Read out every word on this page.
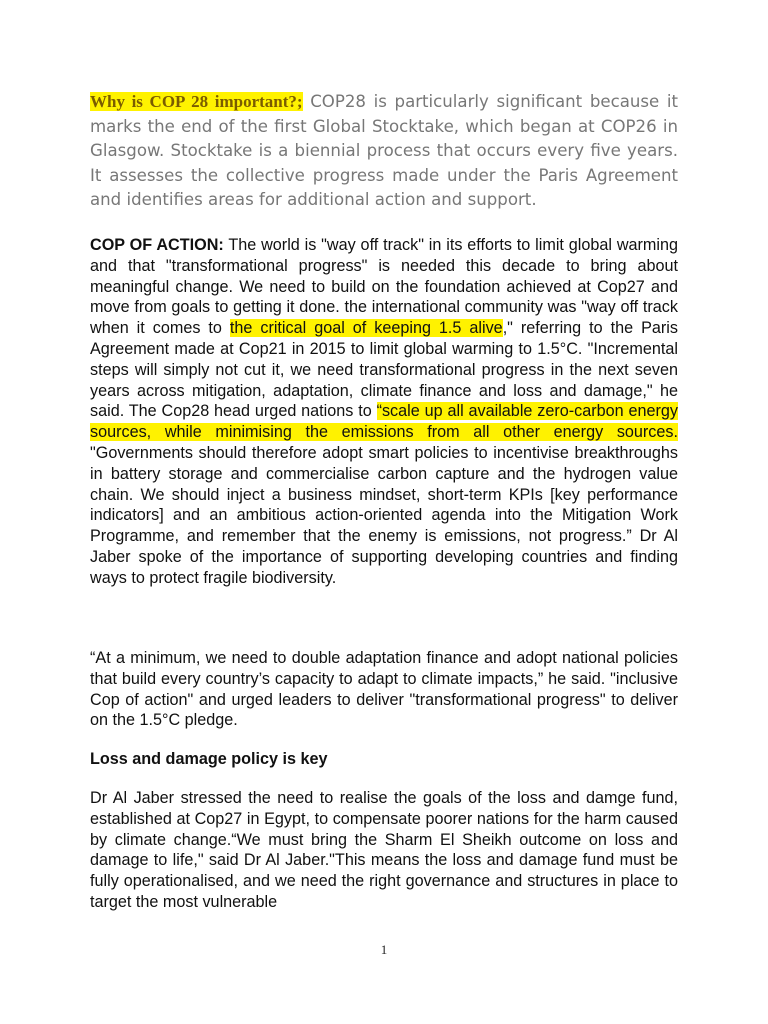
Why is COP 28 important?; COP28 is particularly significant because it marks the end of the first Global Stocktake, which began at COP26 in Glasgow. Stocktake is a biennial process that occurs every five years. It assesses the collective progress made under the Paris Agreement and identifies areas for additional action and support.

COP OF ACTION: The world is "way off track" in its efforts to limit global warming and that "transformational progress" is needed this decade to bring about meaningful change. We need to build on the foundation achieved at Cop27 and move from goals to getting it done. the international community was "way off track when it comes to the critical goal of keeping 1.5 alive," referring to the Paris Agreement made at Cop21 in 2015 to limit global warming to 1.5°C. "Incremental steps will simply not cut it, we need transformational progress in the next seven years across mitigation, adaptation, climate finance and loss and damage," he said. The Cop28 head urged nations to “scale up all available zero-carbon energy sources, while minimising the emissions from all other energy sources. "Governments should therefore adopt smart policies to incentivise breakthroughs in battery storage and commercialise carbon capture and the hydrogen value chain. We should inject a business mindset, short-term KPIs [key performance indicators] and an ambitious action-oriented agenda into the Mitigation Work Programme, and remember that the enemy is emissions, not progress.” Dr Al Jaber spoke of the importance of supporting developing countries and finding ways to protect fragile biodiversity.

“At a minimum, we need to double adaptation finance and adopt national policies that build every country’s capacity to adapt to climate impacts,” he said. "inclusive Cop of action" and urged leaders to deliver "transformational progress" to deliver on the 1.5°C pledge.

Loss and damage policy is key

Dr Al Jaber stressed the need to realise the goals of the loss and damge fund, established at Cop27 in Egypt, to compensate poorer nations for the harm caused by climate change.“We must bring the Sharm El Sheikh outcome on loss and damage to life," said Dr Al Jaber."This means the loss and damage fund must be fully operationalised, and we need the right governance and structures in place to target the most vulnerable

1
